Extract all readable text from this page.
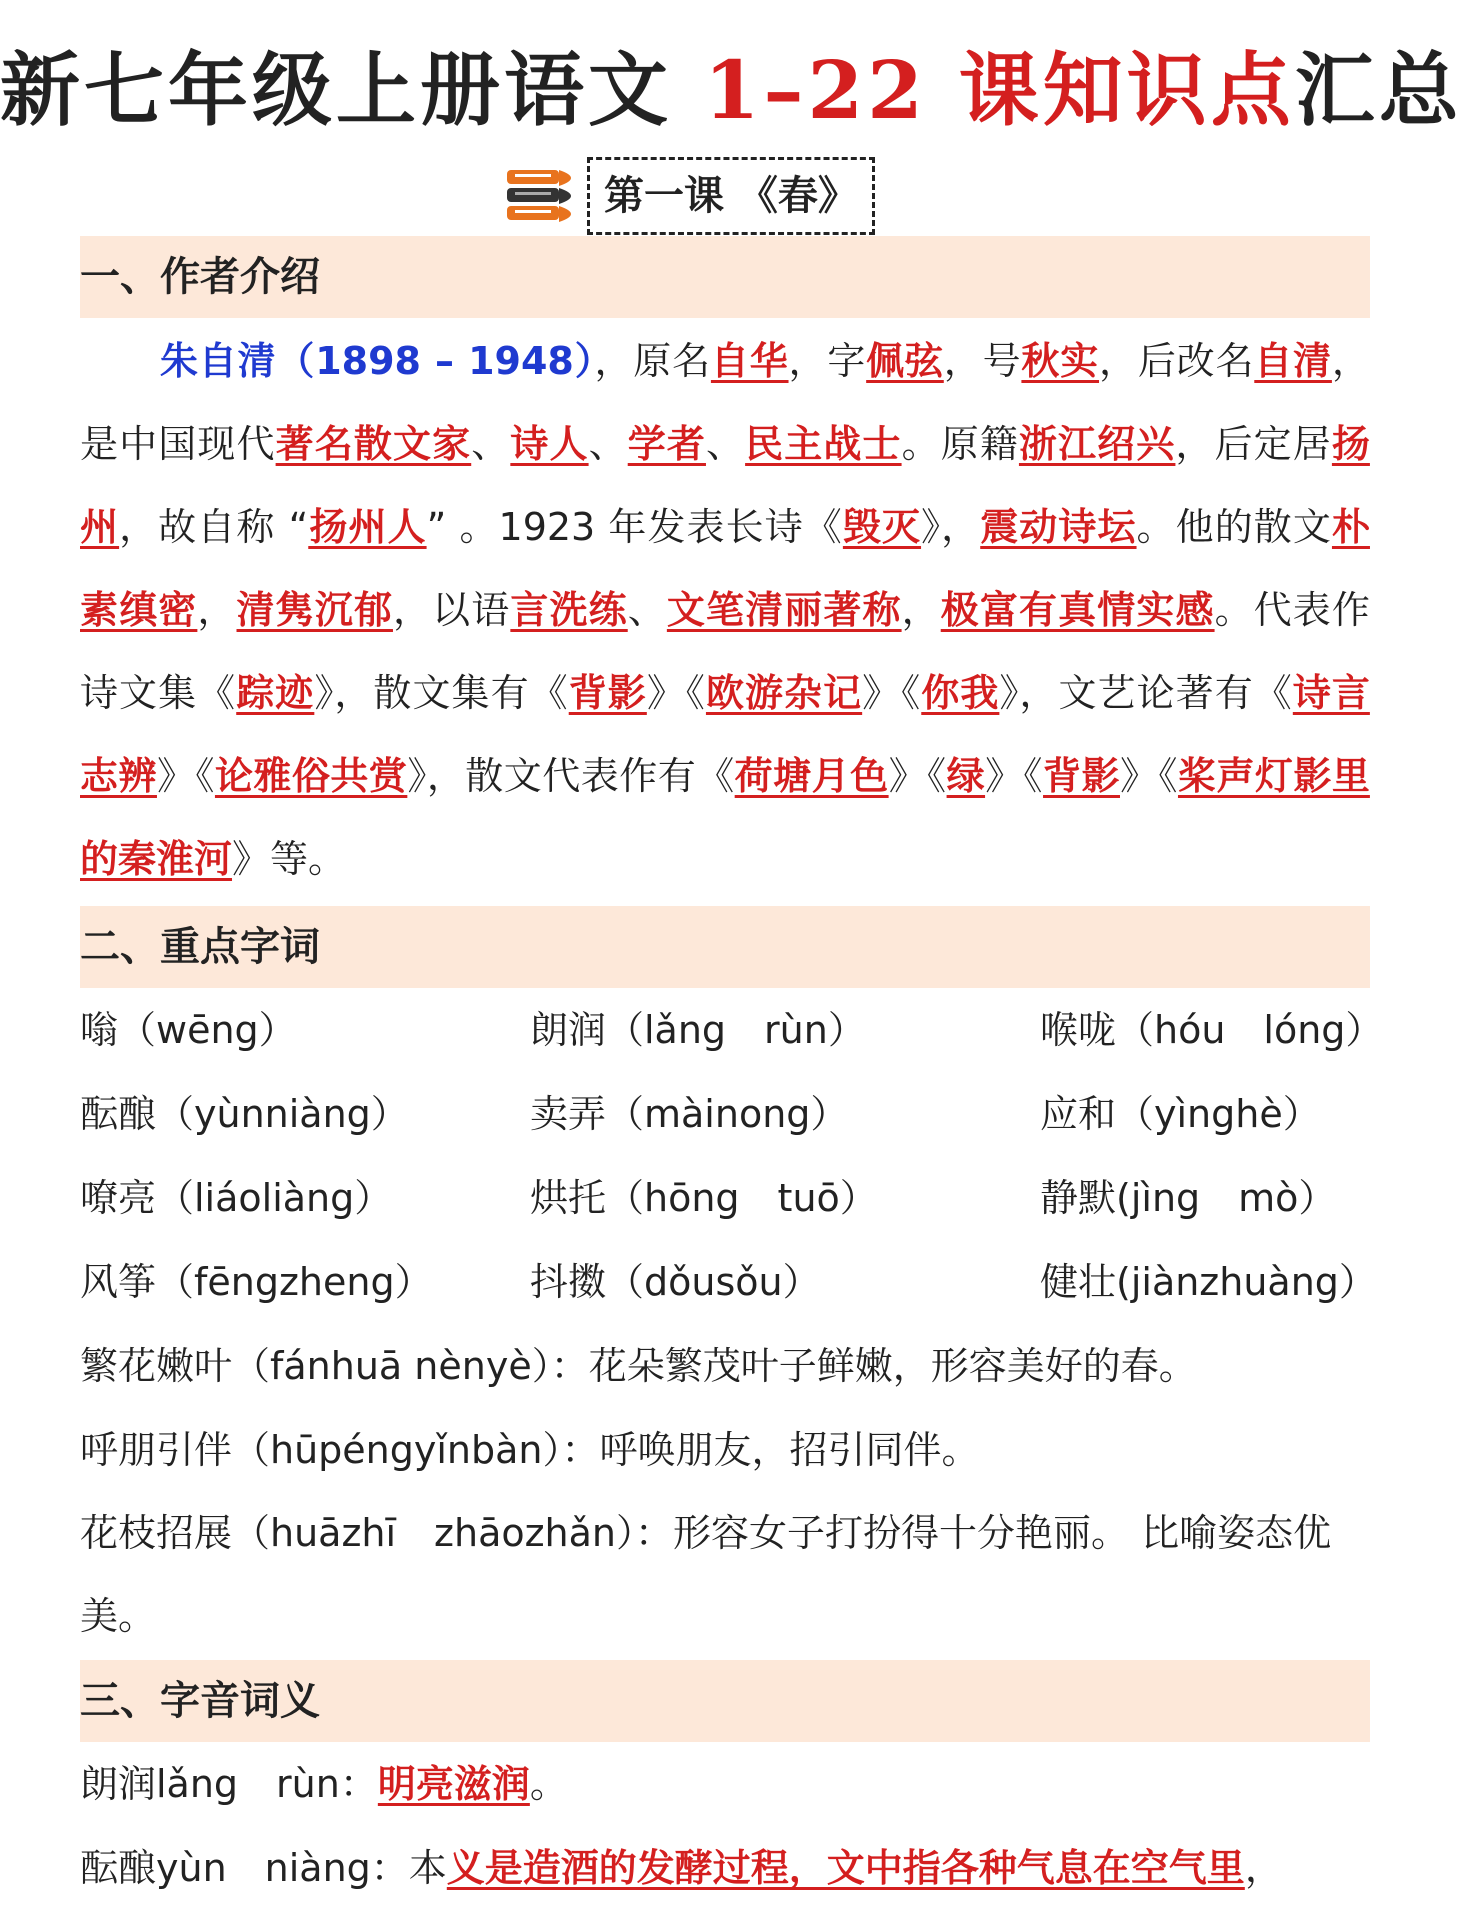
新七年级上册语文 1–22 课知识点汇总
第一课 《春》
一、作者介绍
朱自清（1898 – 1948），原名自华，字佩弦，号秋实，后改名自清，是中国现代著名散文家、诗人、学者、民主战士。原籍浙江绍兴，后定居扬州，故自称 “扬州人” 。1923 年发表长诗《毁灭》，震动诗坛。他的散文朴素缜密，清隽沉郁，以语言洗练、文笔清丽著称，极富有真情实感。代表作诗文集《踪迹》，散文集有《背影》《欧游杂记》《你我》，文艺论著有《诗言志辨》《论雅俗共赏》，散文代表作有《荷塘月色》《绿》《背影》《桨声灯影里的秦淮河》等。
二、重点字词
嗡（wēng）	朗润（lǎng　rùn）	喉咙（hóu　lóng）
酝酿（yùnniàng）	卖弄（màinong）	应和（yìnghè）
嘹亮（liáoliàng）	烘托（hōng　tuō）	静默(jìng　mò）
风筝（fēngzheng）	抖擞（dǒusǒu）	健壮(jiànzhuàng）
繁花嫩叶（fánhuā nènyè）：花朵繁茂叶子鲜嫩，形容美好的春。
呼朋引伴（hūpéngyǐnbàn）：呼唤朋友，招引同伴。
花枝招展（huāzhī　zhāozhǎn）：形容女子打扮得十分艳丽。 比喻姿态优美。
三、字音词义
朗润lǎng　rùn：明亮滋润。
酝酿yùn　niàng：本义是造酒的发酵过程，文中指各种气息在空气里，
